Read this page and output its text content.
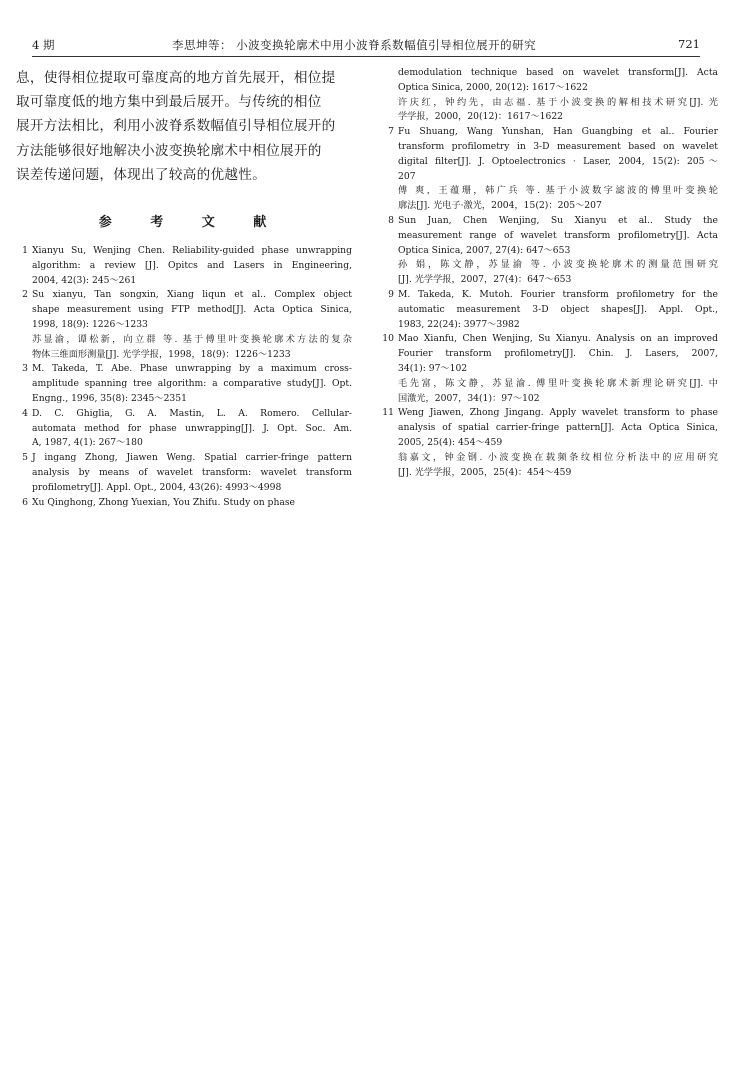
4 期	李思坤等： 小波变换轮廓术中用小波脊系数幅值引导相位展开的研究	721

息，使得相位提取可靠度高的地方首先展开，相位提
取可靠度低的地方集中到最后展开。与传统的相位
展开方法相比，利用小波脊系数幅值引导相位展开的
方法能够很好地解决小波变换轮廓术中相位展开的
误差传递问题，体现出了较高的优越性。

参 考 文 献
1 Xianyu Su, Wenjing Chen. Reliability-guided phase unwrapping
algorithm: a review [J]. Opitcs and Lasers in Engineering,
2004, 42(3): 245～261
2 Su xianyu, Tan songxin, Xiang liqun et al.. Complex object
shape measurement using FTP method[J]. Acta Optica Sinica,
1998, 18(9): 1226～1233
苏显渝，谭松新，向立群 等. 基于傅里叶变换轮廓术方法的复杂
物体三维面形测量[J]. 光学学报，1998，18(9)：1226～1233
3 M. Takeda, T. Abe. Phase unwrapping by a maximum cross-
amplitude spanning tree algorithm: a comparative study[J]. Opt.
Engng., 1996, 35(8): 2345～2351
4 D. C. Ghiglia, G. A. Mastin, L. A. Romero. Cellular-
automata method for phase unwrapping[J]. J. Opt. Soc. Am.
A, 1987, 4(1): 267～180
5 J ingang Zhong, Jiawen Weng. Spatial carrier-fringe pattern
analysis by means of wavelet transform: wavelet transform
profilometry[J]. Appl. Opt., 2004, 43(26): 4993～4998
6 Xu Qinghong, Zhong Yuexian, You Zhifu. Study on phase
demodulation technique based on wavelet transform[J]. Acta
Optica Sinica, 2000, 20(12): 1617～1622
许庆红，钟约先，由志福. 基于小波变换的解相技术研究[J]. 光
学学报，2000，20(12)：1617～1622
7 Fu Shuang, Wang Yunshan, Han Guangbing et al.. Fourier
transform profilometry in 3-D measurement based on wavelet
digital filter[J]. J. Optoelectronics · Laser, 2004, 15(2): 205～
207
傅 爽，王蕴珊，韩广兵 等. 基于小波数字滤波的傅里叶变换轮
廓法[J]. 光电子·激光，2004，15(2)：205～207
8 Sun Juan, Chen Wenjing, Su Xianyu et al.. Study the
measurement range of wavelet transform profilometry[J]. Acta
Optica Sinica, 2007, 27(4): 647～653
孙 娟，陈文静，苏显渝 等. 小波变换轮廓术的测量范围研究
[J]. 光学学报，2007，27(4)：647～653
9 M. Takeda, K. Mutoh. Fourier transform profilometry for the
automatic measurement 3-D object shapes[J]. Appl. Opt.,
1983, 22(24): 3977～3982
10 Mao Xianfu, Chen Wenjing, Su Xianyu. Analysis on an improved
Fourier transform profilometry[J]. Chin. J. Lasers, 2007,
34(1): 97～102
毛先富，陈文静，苏显渝. 傅里叶变换轮廓术新理论研究[J]. 中
国激光，2007，34(1)：97～102
11 Weng Jiawen, Zhong Jingang. Apply wavelet transform to phase
analysis of spatial carrier-fringe pattern[J]. Acta Optica Sinica,
2005, 25(4): 454～459
翁嘉文，钟金钢. 小波变换在载频条纹相位分析法中的应用研究
[J]. 光学学报，2005，25(4)：454～459
